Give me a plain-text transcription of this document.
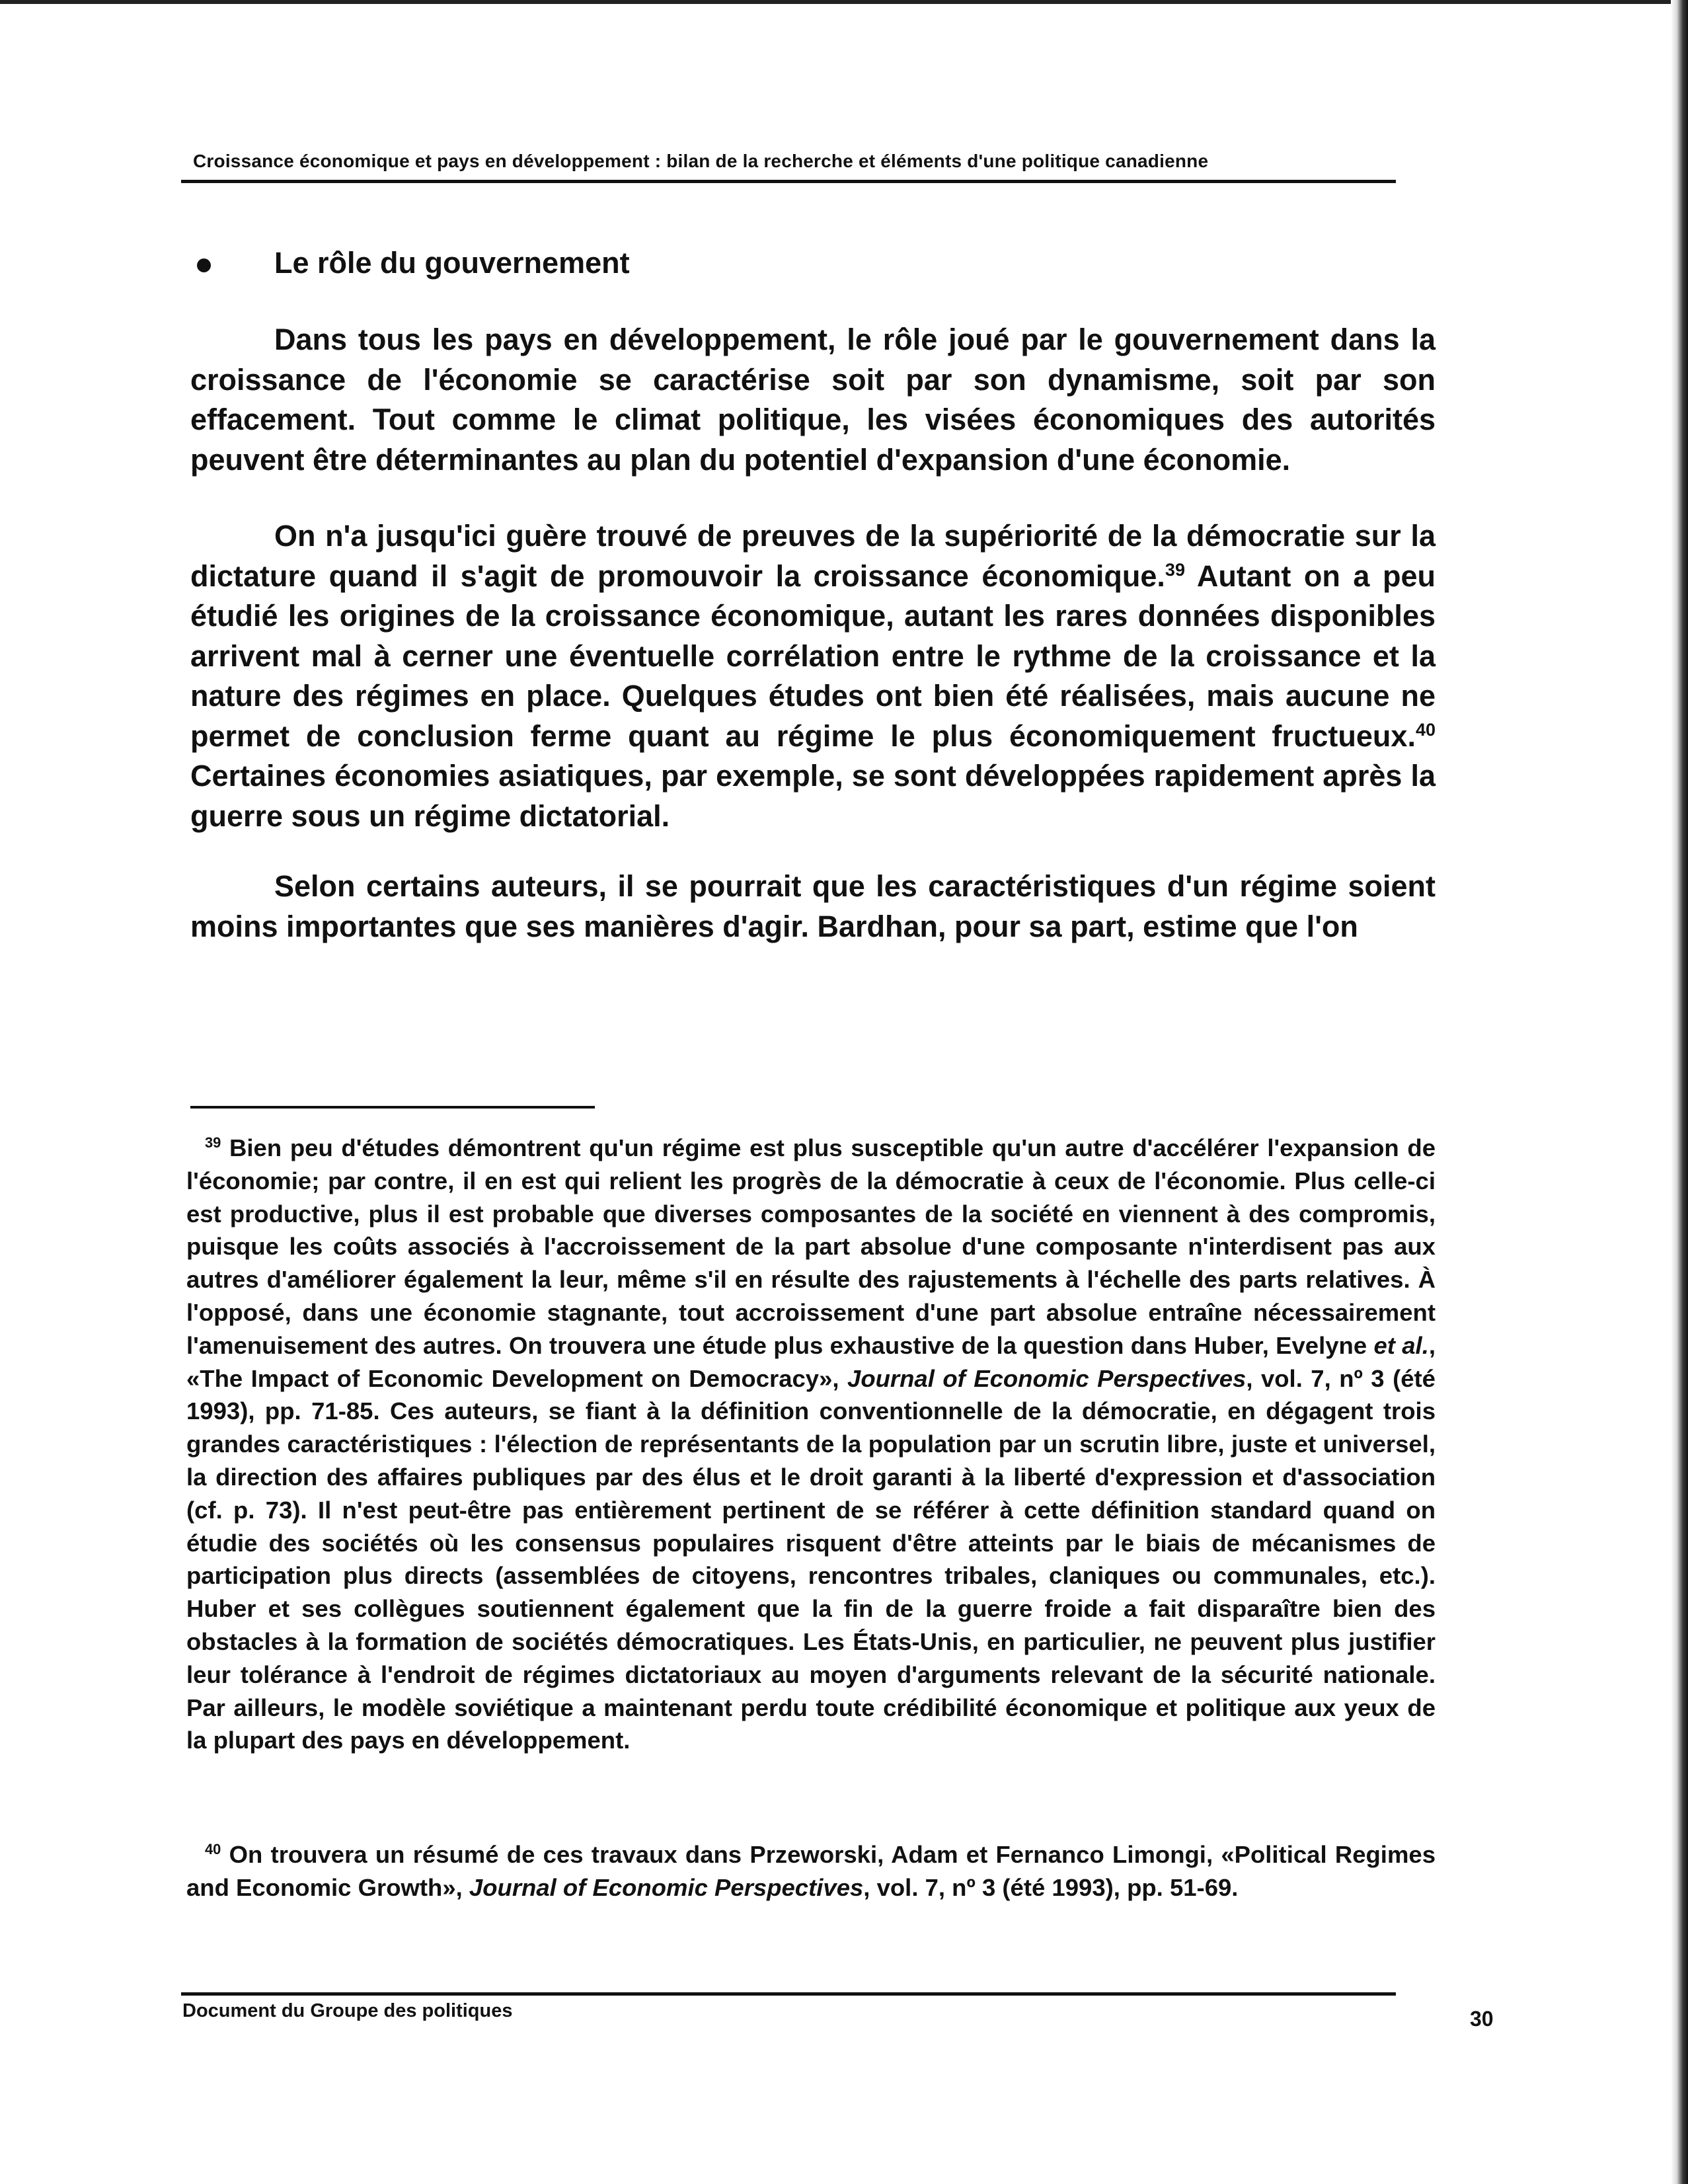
Croissance économique et pays en développement : bilan de la recherche et éléments d'une politique canadienne
Le rôle du gouvernement

Dans tous les pays en développement, le rôle joué par le gouvernement dans la croissance de l'économie se caractérise soit par son dynamisme, soit par son effacement. Tout comme le climat politique, les visées économiques des autorités peuvent être déterminantes au plan du potentiel d'expansion d'une économie.

On n'a jusqu'ici guère trouvé de preuves de la supériorité de la démocratie sur la dictature quand il s'agit de promouvoir la croissance économique.$^{39}$ Autant on a peu étudié les origines de la croissance économique, autant les rares données disponibles arrivent mal à cerner une éventuelle corrélation entre le rythme de la croissance et la nature des régimes en place. Quelques études ont bien été réalisées, mais aucune ne permet de conclusion ferme quant au régime le plus économiquement fructueux.$^{40}$ Certaines économies asiatiques, par exemple, se sont développées rapidement après la guerre sous un régime dictatorial.

Selon certains auteurs, il se pourrait que les caractéristiques d'un régime soient moins importantes que ses manières d'agir. Bardhan, pour sa part, estime que l'on

$^{39}$ Bien peu d'études démontrent qu'un régime est plus susceptible qu'un autre d'accélérer l'expansion de l'économie; par contre, il en est qui relient les progrès de la démocratie à ceux de l'économie. Plus celle-ci est productive, plus il est probable que diverses composantes de la société en viennent à des compromis, puisque les coûts associés à l'accroissement de la part absolue d'une composante n'interdisent pas aux autres d'améliorer également la leur, même s'il en résulte des rajustements à l'échelle des parts relatives. À l'opposé, dans une économie stagnante, tout accroissement d'une part absolue entraîne nécessairement l'amenuisement des autres. On trouvera une étude plus exhaustive de la question dans Huber, Evelyne et al., «The Impact of Economic Development on Democracy», Journal of Economic Perspectives, vol. 7, nº 3 (été 1993), pp. 71-85. Ces auteurs, se fiant à la définition conventionnelle de la démocratie, en dégagent trois grandes caractéristiques : l'élection de représentants de la population par un scrutin libre, juste et universel, la direction des affaires publiques par des élus et le droit garanti à la liberté d'expression et d'association (cf. p. 73). Il n'est peut-être pas entièrement pertinent de se référer à cette définition standard quand on étudie des sociétés où les consensus populaires risquent d'être atteints par le biais de mécanismes de participation plus directs (assemblées de citoyens, rencontres tribales, claniques ou communales, etc.). Huber et ses collègues soutiennent également que la fin de la guerre froide a fait disparaître bien des obstacles à la formation de sociétés démocratiques. Les États-Unis, en particulier, ne peuvent plus justifier leur tolérance à l'endroit de régimes dictatoriaux au moyen d'arguments relevant de la sécurité nationale. Par ailleurs, le modèle soviétique a maintenant perdu toute crédibilité économique et politique aux yeux de la plupart des pays en développement.

$^{40}$ On trouvera un résumé de ces travaux dans Przeworski, Adam et Fernanco Limongi, «Political Regimes and Economic Growth», Journal of Economic Perspectives, vol. 7, nº 3 (été 1993), pp. 51-69.

Document du Groupe des politiques	30
